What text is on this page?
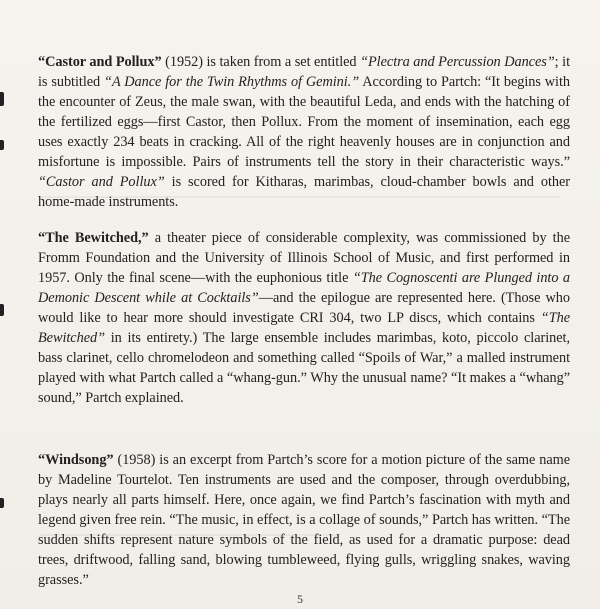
“Castor and Pollux” (1952) is taken from a set entitled “Plectra and Percussion Dances”; it is subtitled “A Dance for the Twin Rhythms of Gemini.” According to Partch: “It begins with the encounter of Zeus, the male swan, with the beautiful Leda, and ends with the hatching of the fertilized eggs—first Castor, then Pollux. From the moment of insemination, each egg uses exactly 234 beats in cracking. All of the right heavenly houses are in conjunction and misfortune is impossible. Pairs of instruments tell the story in their characteristic ways.” “Castor and Pollux” is scored for Kitharas, marimbas, cloud-chamber bowls and other home-made instruments.

“The Bewitched,” a theater piece of considerable complexity, was commissioned by the Fromm Foundation and the University of Illinois School of Music, and first performed in 1957. Only the final scene—with the euphonious title “The Cognoscenti are Plunged into a Demonic Descent while at Cocktails”—and the epilogue are represented here. (Those who would like to hear more should investigate CRI 304, two LP discs, which contains “The Bewitched” in its entirety.) The large ensemble includes marimbas, koto, piccolo clarinet, bass clarinet, cello chromelodeon and something called “Spoils of War,” a malled instrument played with what Partch called a “whang-gun.” Why the unusual name? “It makes a “whang” sound,” Partch explained.

“Windsong” (1958) is an excerpt from Partch’s score for a motion picture of the same name by Madeline Tourtelot. Ten instruments are used and the composer, through overdubbing, plays nearly all parts himself. Here, once again, we find Partch’s fascination with myth and legend given free rein. “The music, in effect, is a collage of sounds,” Partch has written. “The sudden shifts represent nature symbols of the field, as used for a dramatic purpose: dead trees, driftwood, falling sand, blowing tumbleweed, flying gulls, wriggling snakes, waving grasses.”

5
